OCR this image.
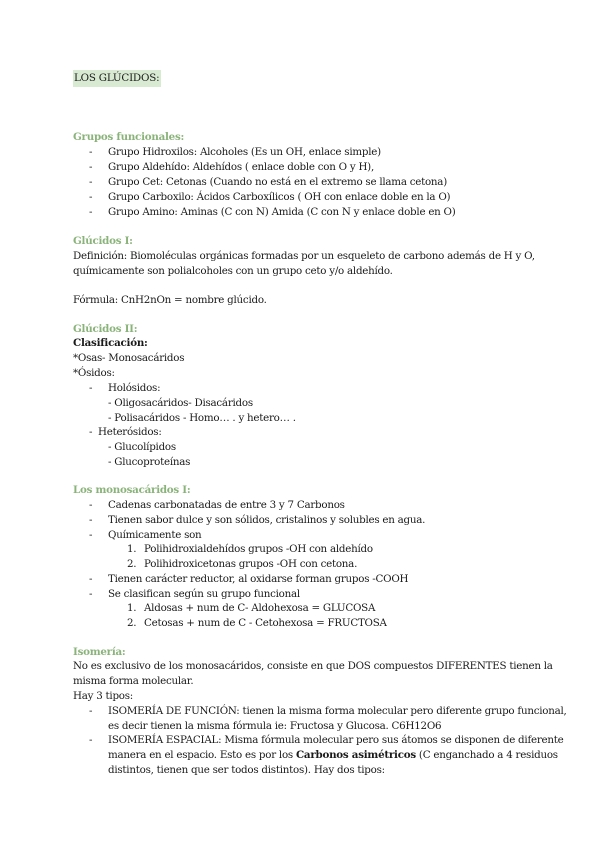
LOS GLÚCIDOS:
Grupos funcionales:
- Grupo Hidroxilos: Alcoholes (Es un OH, enlace simple)
- Grupo Aldehído: Aldehídos ( enlace doble con O y H),
- Grupo Cet: Cetonas (Cuando no está en el extremo se llama cetona)
- Grupo Carboxilo: Ácidos Carboxílicos ( OH con enlace doble en la O)
- Grupo Amino: Aminas (C con N) Amida (C con N y enlace doble en O)
Glúcidos I:
Definición: Biomoléculas orgánicas formadas por un esqueleto de carbono además de H y O,
químicamente son polialcoholes con un grupo ceto y/o aldehído.
Fórmula: CnH2nOn = nombre glúcido.
Glúcidos II:
Clasificación:
*Osas- Monosacáridos
*Ósidos:
- Holósidos:
- Oligosacáridos- Disacáridos
- Polisacáridos - Homo… . y hetero… .
- Heterósidos:
- Glucolípidos
- Glucoproteínas
Los monosacáridos I:
- Cadenas carbonatadas de entre 3 y 7 Carbonos
- Tienen sabor dulce y son sólidos, cristalinos y solubles en agua.
- Químicamente son
1. Polihidroxialdehídos grupos -OH con aldehído
2. Polihidroxicetonas grupos -OH con cetona.
- Tienen carácter reductor, al oxidarse forman grupos -COOH
- Se clasifican según su grupo funcional
1. Aldosas + num de C- Aldohexosa = GLUCOSA
2. Cetosas + num de C - Cetohexosa = FRUCTOSA
Isomería:
No es exclusivo de los monosacáridos, consiste en que DOS compuestos DIFERENTES tienen la
misma forma molecular.
Hay 3 tipos:
- ISOMERÍA DE FUNCIÓN: tienen la misma forma molecular pero diferente grupo funcional,
es decir tienen la misma fórmula ie: Fructosa y Glucosa. C6H12O6
- ISOMERÍA ESPACIAL: Misma fórmula molecular pero sus átomos se disponen de diferente
manera en el espacio. Esto es por los Carbonos asimétricos (C enganchado a 4 residuos
distintos, tienen que ser todos distintos). Hay dos tipos:
